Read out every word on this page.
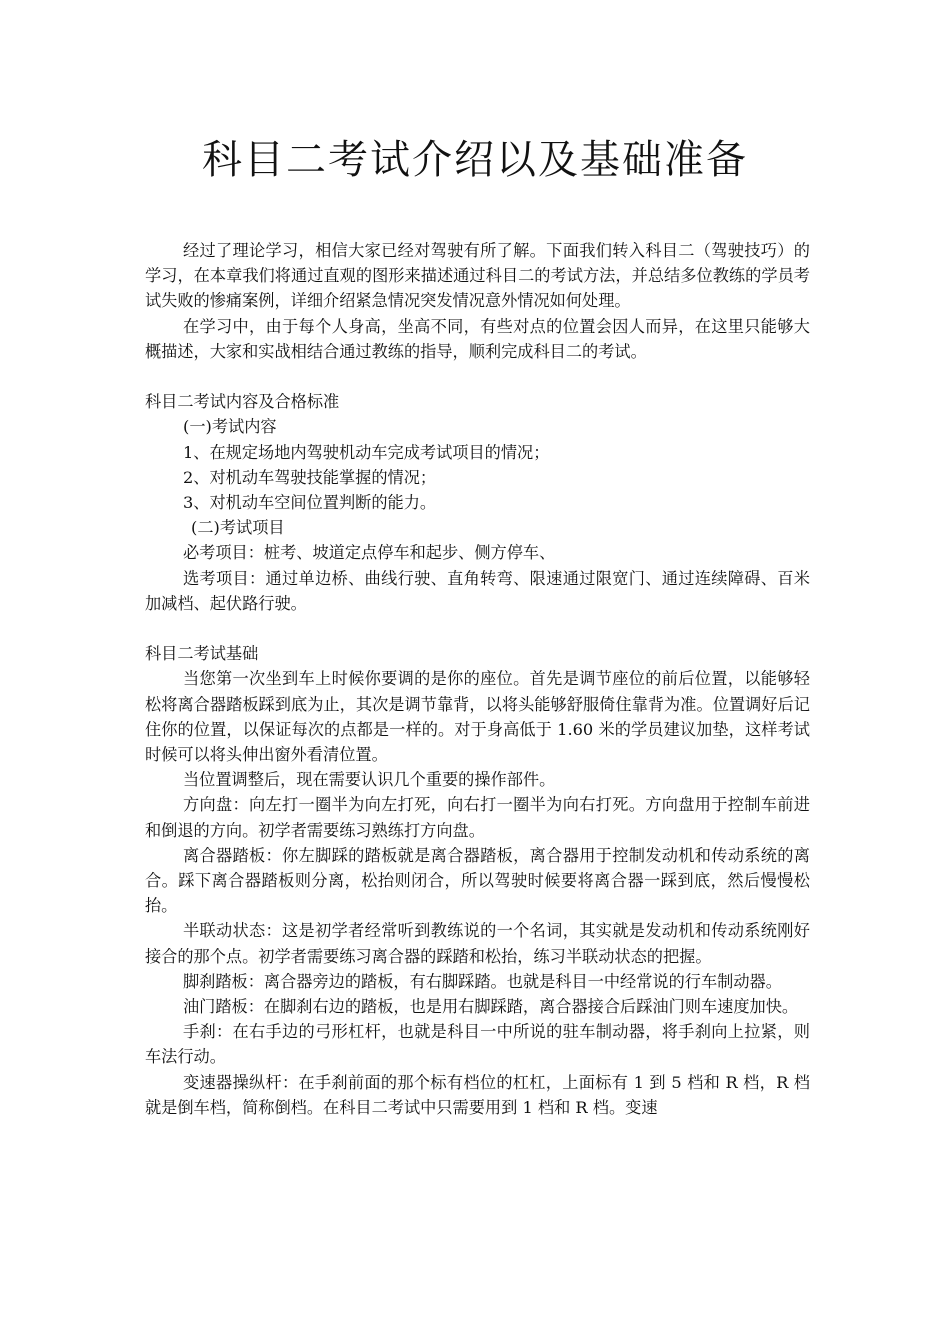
科目二考试介绍以及基础准备

经过了理论学习，相信大家已经对驾驶有所了解。下面我们转入科目二（驾驶技巧）的学习，在本章我们将通过直观的图形来描述通过科目二的考试方法，并总结多位教练的学员考试失败的惨痛案例，详细介绍紧急情况突发情况意外情况如何处理。

在学习中，由于每个人身高，坐高不同，有些对点的位置会因人而异，在这里只能够大概描述，大家和实战相结合通过教练的指导，顺利完成科目二的考试。

科目二考试内容及合格标准

(一)考试内容

1、在规定场地内驾驶机动车完成考试项目的情况；

2、对机动车驾驶技能掌握的情况；

3、对机动车空间位置判断的能力。

(二)考试项目

必考项目：桩考、坡道定点停车和起步、侧方停车、

选考项目：通过单边桥、曲线行驶、直角转弯、限速通过限宽门、通过连续障碍、百米加减档、起伏路行驶。

科目二考试基础

当您第一次坐到车上时候你要调的是你的座位。首先是调节座位的前后位置，以能够轻松将离合器踏板踩到底为止，其次是调节靠背，以将头能够舒服倚住靠背为准。位置调好后记住你的位置，以保证每次的点都是一样的。对于身高低于 1.60 米的学员建议加垫，这样考试时候可以将头伸出窗外看清位置。

当位置调整后，现在需要认识几个重要的操作部件。

方向盘：向左打一圈半为向左打死，向右打一圈半为向右打死。方向盘用于控制车前进和倒退的方向。初学者需要练习熟练打方向盘。

离合器踏板：你左脚踩的踏板就是离合器踏板，离合器用于控制发动机和传动系统的离合。踩下离合器踏板则分离，松抬则闭合，所以驾驶时候要将离合器一踩到底，然后慢慢松抬。

半联动状态：这是初学者经常听到教练说的一个名词，其实就是发动机和传动系统刚好接合的那个点。初学者需要练习离合器的踩踏和松抬，练习半联动状态的把握。

脚刹踏板：离合器旁边的踏板，有右脚踩踏。也就是科目一中经常说的行车制动器。

油门踏板：在脚刹右边的踏板，也是用右脚踩踏，离合器接合后踩油门则车速度加快。

手刹：在右手边的弓形杠杆，也就是科目一中所说的驻车制动器，将手刹向上拉紧，则车法行动。

变速器操纵杆：在手刹前面的那个标有档位的杠杠，上面标有 1 到 5 档和 R 档，R 档就是倒车档，简称倒档。在科目二考试中只需要用到 1 档和 R 档。变速
